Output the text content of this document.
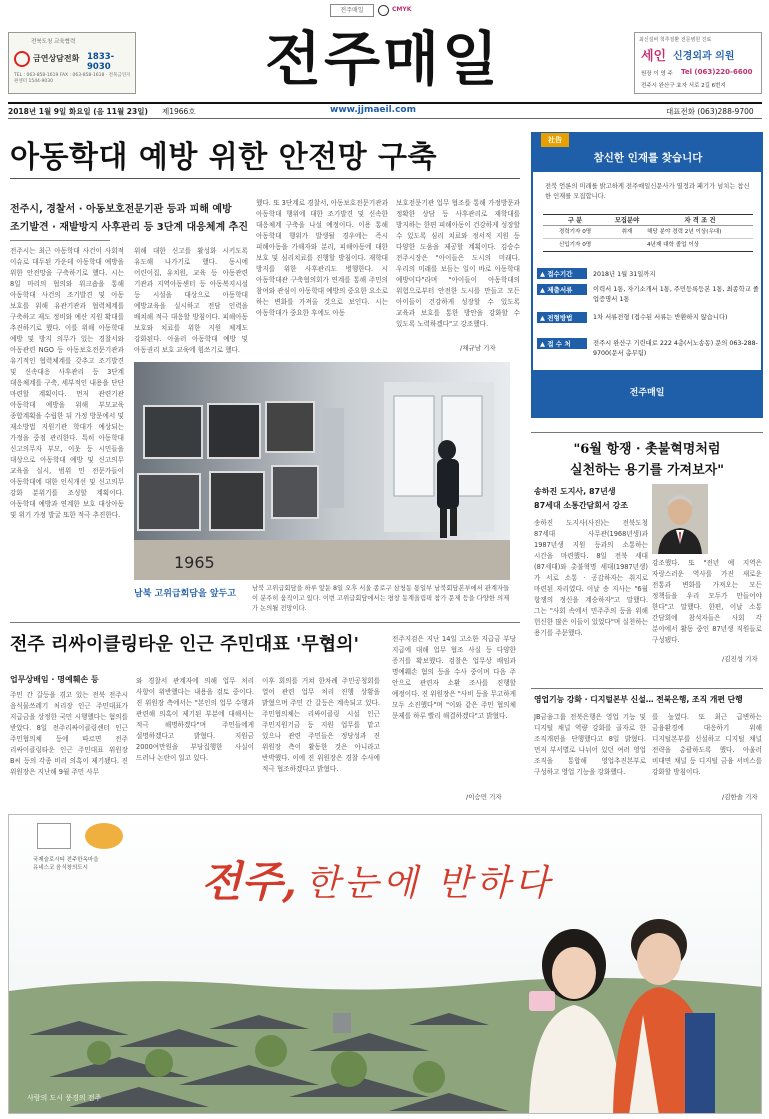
전주매일	CMYK
전북도청 교육협력
금연상담전화 1833-9030
TEL : 063-858-1619 FAX : 063-858-1618 · 전북금연지원센터 1544-9030	전주매일	최신설비 척추질환 전문병원 진료
세인 신경외과 의원
원장 이 영 주 Tel (063)220-6600
전주시 완산구 효자 서로 2길 6번지
2018년 1월 9일 화요일 (음 11월 23일) 제1966호	www.jjmaeil.com	대표전화 (063)288-9700
아동학대 예방 위한 안전망 구축
전주시, 경찰서 · 아동보호전문기관 등과 피해 예방
조기발견 · 재발방지 사후관리 등 3단계 대응체계 추진
전주시는 최근 아동학대 사건이 사회적 이슈로 대두된 가운데 아동학대 예방을 위한 안전망을 구축하기로 했다. 시는 8일 마리의 협의와 워크숍을 통해 아동학대 사건의 조기발견 및 아동 보호를 위해 유관기관과 협력체계를 구축하고 제도 정비와 예산 지원 확대를 추진하기로 했다. 이를 위해 아동학대 예방 및 방지 의무가 있는 경찰서와 아동관련 NGO 등 아동보호전문기관과 유기적인 협력체계를 갖추고 조기발견 및 신속대응 사후관리 등 3단계 대응체계를 구축, 세부적인 내용을 단단 마련할 계획이다. 먼저 관련기관 아동학대 예방을 위해 부모교육 종합계획을 수립한 뒤 가정 방문에서 및 재소방법 지원기관 학대가 예상되는 가정을 중점 관리한다. 특히 아동학대 신고의무자 부모, 이웃 등 시민들을 대상으로 아동학대 예방 및 신고의무 교육을 실시, 범위 민 전문가들이 아동학대에 대한 인식개선 및 신고의무 강화 분위기를 조성할 계획이다. 아동학대 예방과 연계한 보호 대상아동 및 위기 가정 발굴 또한 적극 추진한다.
위해 대한 신고를 활성화 시키도록 유도해 나가기로 했다. 동시에 어린이집, 유치원, 교육 등 아동관련 기관과 지역아동센터 등 아동복지시설 등 시설을 대상으로 아동학대 예방교육을 실시하고 전담 인력을 배치해 적극 대응할 방침이다. 피해아동 보호와 치료를 위한 지원 체계도 강화된다. 아울러 아동학대 예방 및 아동권리 보호 교육에 힘쓰기로 했다.
했다. 또 3단계로 경찰서, 아동보호전문기관과 아동학대 행위에 대한 조기발견 및 신속한 대응체계 구축을 나설 예정이다. 이용 통해 아동학대 행위가 발생될 경우에는 즉시 피해아동을 가해자와 분리, 피해아동에 대한 보호 및 심리치료를 진행할 방침이다. 재학대 방지를 위한 사후관리도 병행한다. 시 아동학대관 구축협의회가 연계를 통해 주민의 참여와 관심이 아동학대 예방의 중요한 요소로 하는 변화를 가져올 것으로 보인다. 시는 아동학대가 중요한 후에도 아동
보호전문기관 업무 협조를 통해 가정방문과 정확한 상담 등 사후관리로 재학대를 방지하는 한편 피해아동이 건강하게 성장할 수 있도록 심리 치료와 정서적 지원 등 다양한 도움을 제공할 계획이다. 김승수 전주시장은 "아이들은 도시의 미래다. 우리의 미래를 보듬는 일이 바로 아동학대 예방이다"라며 "아이들이 아동학대의 위험으로부터 안전한 도시를 만들고 모든 아이들이 건강하게 성장할 수 있도록 교육과 보호를 통한 방안을 강화할 수 있도록 노력하겠다"고 강조했다.
/채규남 기자
1965
남북 고위급회담을 앞두고
남북 고위급회담을 하루 앞둔 8일 오후 서울 종로구 삼청동 통일부 남북회담본부에서 관계자들이 분주히 움직이고 있다. 이번 고위급회담에서는 평창 동계올림픽 참가 문제 등을 다양한 의제가 논의될 전망이다.
전주 리싸이클링타운 인근 주민대표 '무협의'
업무상배임 · 명예훼손 등
주민 간 갈등을 겪고 있는 전북 전주시 음식물쓰레기 처리장 인근 주민대표가 지급금을 상정한 국민 시행했다는 혐의를 받았다. 8일 전주리싸이클링센터 인근 주민협의체 등에 따르면 전주 리싸이클링타운 인근 주민대표 위원장 B씨 등의 각종 비리 의혹이 제기됐다. 진 위원장은 지난해 9월 주민 사무
와 경찰서 관계자에 의해 업무 처리 사항이 위반했다는 내용을 검토 중이다. 진 위원장 측에서는 "본인의 업무 수행과 관련해 의혹이 제기된 부분에 대해서는 적극 해명하겠다"며 주민들에게 설명하겠다고 밝혔다. 지원금 2000여만원을 부당집행한 사실이 드러나 논란이 일고 있다.
이후 회의를 거쳐 한차례 주민공청회를 열어 관련 업무 처리 진행 상황을 밝혔으며 주민 간 갈등은 계속되고 있다. 주민협의체는 리싸이클링 시설 인근 주민지원기금 등 지원 업무를 맡고 있으나 관련 주민들은 정당성과 진 위원장 측이 활동한 것은 아니라고 반박했다. 이에 진 위원장은 경찰 수사에 적극 협조하겠다고 밝혔다.
전주지검은 지난 14일 고소한 지급금 부당 지급에 대해 업무 협조 사실 등 다양한 증거를 확보했다. 검찰은 업무상 배임과 명예훼손 혐의 등을 수사 중이며 다음 주 안으로 관련자 소환 조사를 진행할 예정이다. 진 위원장은 "사비 등을 무고하게 모두 소진했다"며 "이와 같은 주민 협의체 문제를 하루 빨리 해결하겠다"고 밝혔다.
/이승민 기자
社告
참신한 인재를 찾습니다
전북 언론의 미래를 밝고하게 전주매일신문사가 열정과 패기가 넘치는 참신한 인재를 모집합니다.
구 분	모집분야	자 격 조 건
경력기자 0명	취재	해당 분야 경력 2년 이상(우대)
신입기자 0명	4년제 대학 졸업 이상
▲ 접수기간	2018년 1월 31일까지
▲ 제출서류	이력서 1통, 자기소개서 1통, 주민등록등본 1통, 최종학교 졸업증명서 1통
▲ 전형방법	1차 서류전형 (접수된 서류는 반환하지 않습니다)
▲ 접 수 처	전주시 완산구 기린대로 222 4층(서노송동) 문의 063-288-9700(문서 총무팀)
전주매일
"6월 항쟁 · 촛불혁명처럼
실천하는 용기를 가져보자"
송하진 도지사, 87년생
87세대 소통간담회서 강조
송하진 도지사(사진)는 전북도청 87세대 사무관(1968년생)과 1987년생 지원 등과의 소통하는 시간을 마련했다. 8일 전북 세대(87세대)와 촛불혁명 세대(1987년생)가 서로 소통 · 공감하자는 취지로 마련된 자리였다. 이날 송 지사는 "6월 항쟁의 정신을 계승하자"고 말했다. 그는 "사회 속에서 민주주의 등을 위해 헌신한 많은 이들이 있었다"며 실천하는 용기를 주문했다.
강조했다. 또 "전년 예 지역은 자랑스러운 역사를 가진 새로운 전통과 변화를 가져오는 모든 정책들을 우리 모두가 만들어야 한다"고 말했다. 한편, 이날 소통 간담회에 참석자들은 사회 각 분야에서 활동 중인 87년생 직원들로 구성됐다.
/김진성 기자
영업기능 강화 · 디지털본부 신설… 전북은행, 조직 개편 단행
JB금융그룹 전북은행은 영업 기능 및 디지털 채널 역량 강화를 골자로 한 조직개편을 단행했다고 8일 밝혔다. 먼저 부서별로 나뉘어 있던 여러 영업 조직을 통합해 영업추진본부로 구성하고 영업 기능을 강화했다.
를 높였다. 또 최근 급변하는 금융환경에 대응하기 위해 디지털본부를 신설하고 디지털 채널 전략을 총괄하도록 했다. 아울러 비대면 채널 등 디지털 금융 서비스를 강화할 방침이다.
/김한솔 기자
국제슬로시티 전주한옥마을
유네스코 음식창의도시	전주, 한눈에 반하다
사람의 도시 풍경의 전주
